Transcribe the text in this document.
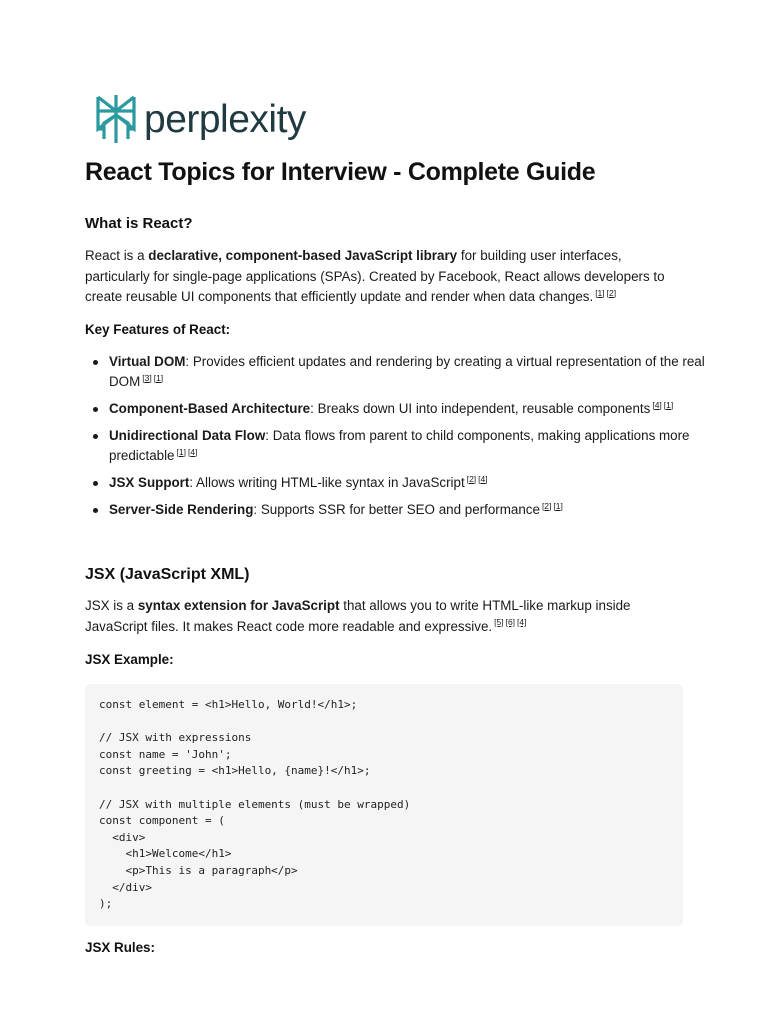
perplexity
React Topics for Interview - Complete Guide
What is React?

React is a declarative, component-based JavaScript library for building user interfaces, particularly for single-page applications (SPAs). Created by Facebook, React allows developers to create reusable UI components that efficiently update and render when data changes. [1] [2]

Key Features of React:

Virtual DOM: Provides efficient updates and rendering by creating a virtual representation of the real DOM [3] [1]
Component-Based Architecture: Breaks down UI into independent, reusable components [4] [1]
Unidirectional Data Flow: Data flows from parent to child components, making applications more predictable [1] [4]
JSX Support: Allows writing HTML-like syntax in JavaScript [2] [4]
Server-Side Rendering: Supports SSR for better SEO and performance [2] [1]
JSX (JavaScript XML)

JSX is a syntax extension for JavaScript that allows you to write HTML-like markup inside JavaScript files. It makes React code more readable and expressive. [5] [6] [4]

JSX Example:

const element = <h1>Hello, World!</h1>;

// JSX with expressions
const name = 'John';
const greeting = <h1>Hello, {name}!</h1>;

// JSX with multiple elements (must be wrapped)
const component = (
<div>
<h1>Welcome</h1>
<p>This is a paragraph</p>
</div>
);

JSX Rules:
